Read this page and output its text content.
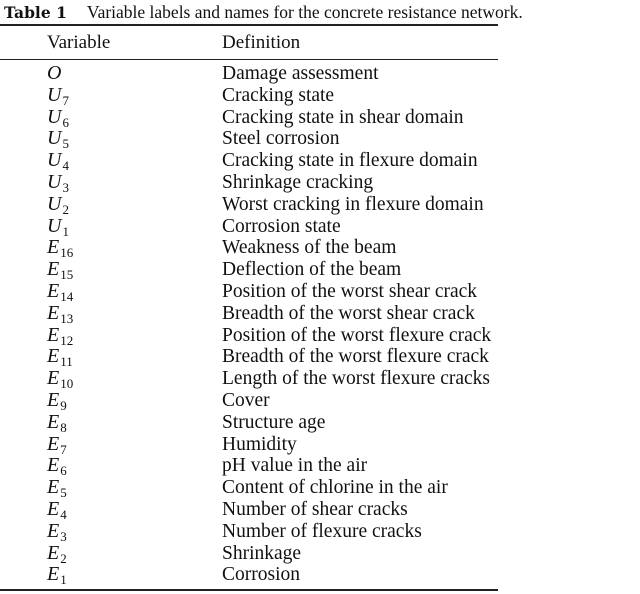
Table 1 Variable labels and names for the concrete resistance network.
Variable	Definition
O	Damage assessment
$U_7$	Cracking state
$U_6$	Cracking state in shear domain
$U_5$	Steel corrosion
$U_4$	Cracking state in flexure domain
$U_3$	Shrinkage cracking
$U_2$	Worst cracking in flexure domain
$U_1$	Corrosion state
$E_{16}$	Weakness of the beam
$E_{15}$	Deflection of the beam
$E_{14}$	Position of the worst shear crack
$E_{13}$	Breadth of the worst shear crack
$E_{12}$	Position of the worst flexure crack
$E_{11}$	Breadth of the worst flexure crack
$E_{10}$	Length of the worst flexure cracks
$E_9$	Cover
$E_8$	Structure age
$E_7$	Humidity
$E_6$	pH value in the air
$E_5$	Content of chlorine in the air
$E_4$	Number of shear cracks
$E_3$	Number of flexure cracks
$E_2$	Shrinkage
$E_1$	Corrosion
